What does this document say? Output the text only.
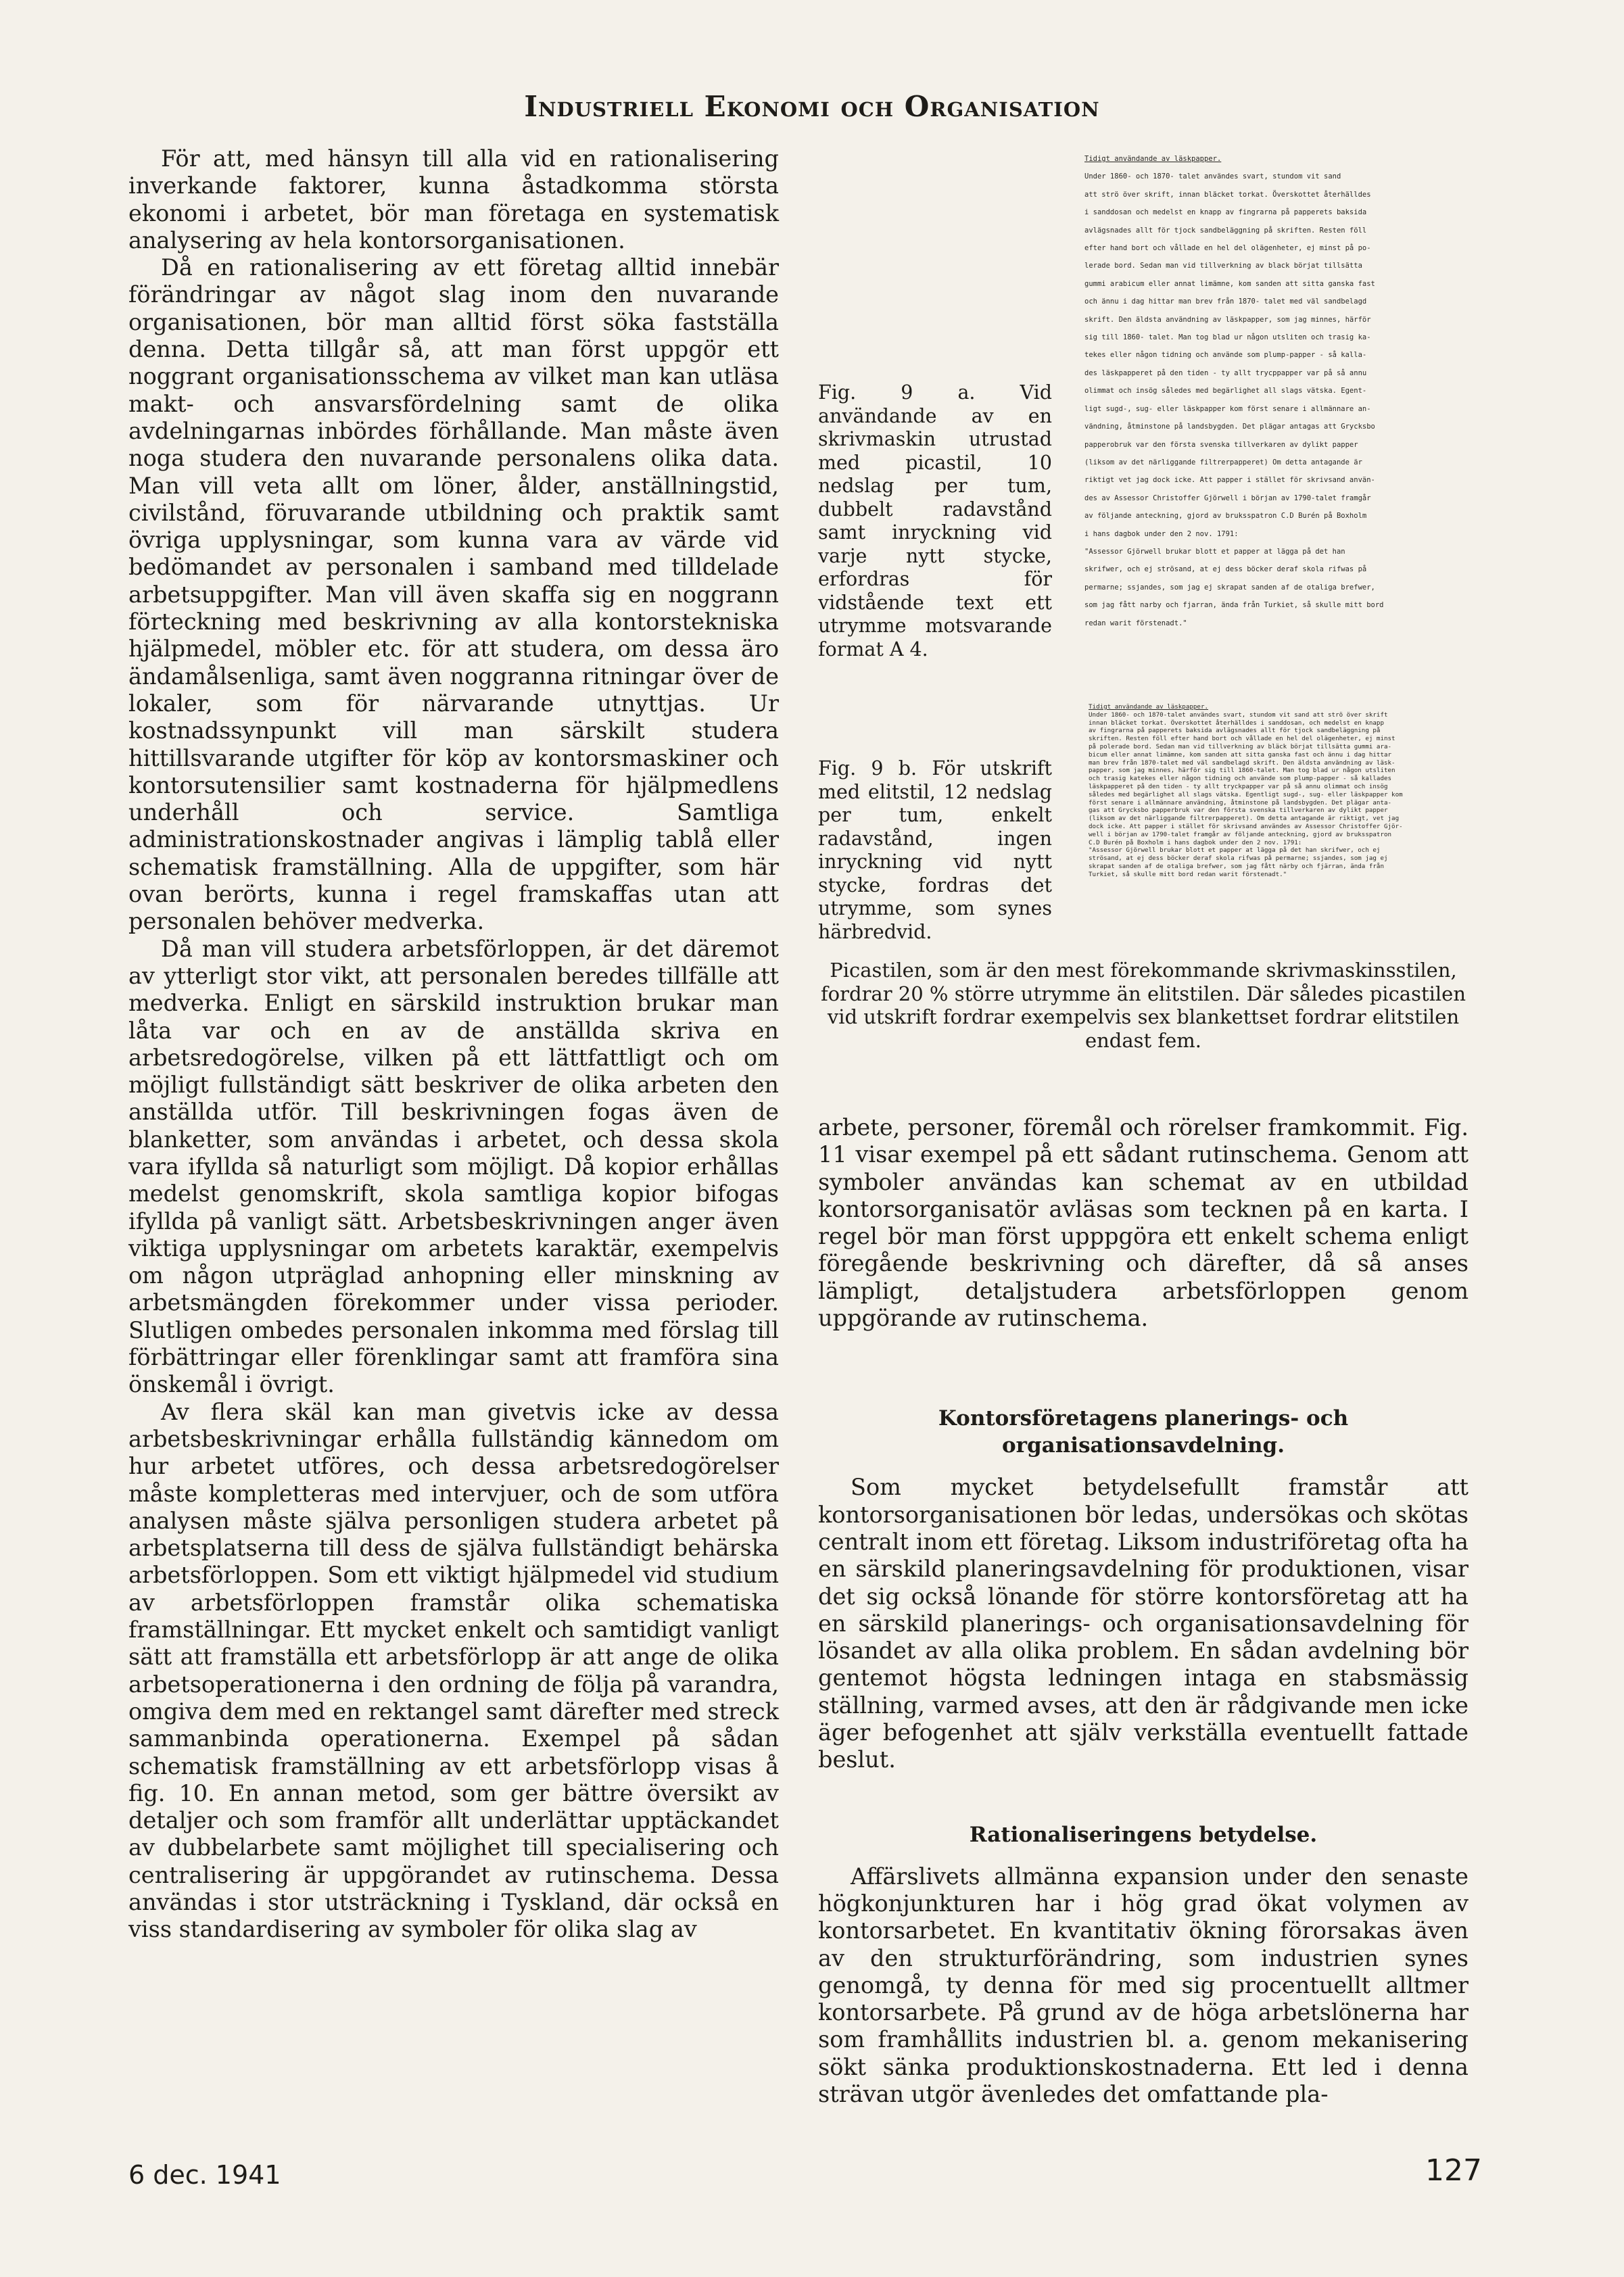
Industriell Ekonomi och Organisation

För att, med hänsyn till alla vid en rationalisering inverkande faktorer, kunna åstadkomma största ekonomi i arbetet, bör man företaga en systematisk analysering av hela kontorsorganisationen.

Då en rationalisering av ett företag alltid innebär förändringar av något slag inom den nuvarande organisationen, bör man alltid först söka fastställa denna. Detta tillgår så, att man först uppgör ett noggrant organisationsschema av vilket man kan utläsa makt- och ansvarsfördelning samt de olika avdelningarnas inbördes förhållande. Man måste även noga studera den nuvarande personalens olika data. Man vill veta allt om löner, ålder, anställningstid, civilstånd, föruvarande utbildning och praktik samt övriga upplysningar, som kunna vara av värde vid bedömandet av personalen i samband med tilldelade arbetsuppgifter. Man vill även skaffa sig en noggrann förteckning med beskrivning av alla kontorstekniska hjälpmedel, möbler etc. för att studera, om dessa äro ändamålsenliga, samt även noggranna ritningar över de lokaler, som för närvarande utnyttjas. Ur kostnadssynpunkt vill man särskilt studera hittillsvarande utgifter för köp av kontorsmaskiner och kontorsutensilier samt kostnaderna för hjälpmedlens underhåll och service. Samtliga administrationskostnader angivas i lämplig tablå eller schematisk framställning. Alla de uppgifter, som här ovan berörts, kunna i regel framskaffas utan att personalen behöver medverka.

Då man vill studera arbetsförloppen, är det däremot av ytterligt stor vikt, att personalen beredes tillfälle att medverka. Enligt en särskild instruktion brukar man låta var och en av de anställda skriva en arbetsredogörelse, vilken på ett lättfattligt och om möjligt fullständigt sätt beskriver de olika arbeten den anställda utför. Till beskrivningen fogas även de blanketter, som användas i arbetet, och dessa skola vara ifyllda så naturligt som möjligt. Då kopior erhållas medelst genomskrift, skola samtliga kopior bifogas ifyllda på vanligt sätt. Arbetsbeskrivningen anger även viktiga upplysningar om arbetets karaktär, exempelvis om någon utpräglad anhopning eller minskning av arbetsmängden förekommer under vissa perioder. Slutligen ombedes personalen inkomma med förslag till förbättringar eller förenklingar samt att framföra sina önskemål i övrigt.

Av flera skäl kan man givetvis icke av dessa arbetsbeskrivningar erhålla fullständig kännedom om hur arbetet utföres, och dessa arbetsredogörelser måste kompletteras med intervjuer, och de som utföra analysen måste själva personligen studera arbetet på arbetsplatserna till dess de själva fullständigt behärska arbetsförloppen. Som ett viktigt hjälpmedel vid studium av arbetsförloppen framstår olika schematiska framställningar. Ett mycket enkelt och samtidigt vanligt sätt att framställa ett arbetsförlopp är att ange de olika arbetsoperationerna i den ordning de följa på varandra, omgiva dem med en rektangel samt därefter med streck sammanbinda operationerna. Exempel på sådan schematisk framställning av ett arbetsförlopp visas å fig. 10. En annan metod, som ger bättre översikt av detaljer och som framför allt underlättar upptäckandet av dubbelarbete samt möjlighet till specialisering och centralisering är uppgörandet av rutinschema. Dessa användas i stor utsträckning i Tyskland, där också en viss standardisering av symboler för olika slag av

Fig. 9 a. Vid användande av en skrivmaskin utrustad med picastil, 10 nedslag per tum, dubbelt radavstånd samt inryckning vid varje nytt stycke, erfordras för vidstående text ett utrymme motsvarande format A 4.
Tidigt användande av läskpapper.
Under 1860- och 1870- talet användes svart, stundom vit sand
att strö över skrift, innan bläcket torkat. Överskottet återhälldes
i sanddosan och medelst en knapp av fingrarna på papperets baksida
avlägsnades allt för tjock sandbeläggning på skriften. Resten föll
efter hand bort och vållade en hel del olägenheter, ej minst på po-
lerade bord. Sedan man vid tillverkning av black börjat tillsätta
gummi arabicum eller annat limämne, kom sanden att sitta ganska fast
och ännu i dag hittar man brev från 1870- talet med väl sandbelagd
skrift. Den äldsta användning av läskpapper, som jag minnes, härför
sig till 1860- talet. Man tog blad ur någon utsliten och trasig ka-
tekes eller någon tidning och använde som plump-papper - så kalla-
des läskpapperet på den tiden - ty allt trycppapper var på så annu
olimmat och insög således med begärlighet all slags vätska. Egent-
ligt sugd-, sug- eller läskpapper kom först senare i allmännare an-
vändning, åtminstone på landsbygden. Det plägar antagas att Grycksbo
papperobruk var den första svenska tillverkaren av dylikt papper
(liksom av det närliggande filtrerpapperet) Om detta antagande är
riktigt vet jag dock icke. Att papper i stället för skrivsand använ-
des av Assessor Christoffer Gjörwell i början av 1790-talet framgår
av följande anteckning, gjord av bruksspatron C.D Burén på Boxholm
i hans dagbok under den 2 nov. 1791:
"Assessor Gjörwell brukar blott et papper at lägga på det han
skrifwer, och ej strösand, at ej dess böcker deraf skola rifwas på
permarne; ssjandes, som jag ej skrapat sanden af de otaliga brefwer,
som jag fått narby och fjarran, ända från Turkiet, så skulle mitt bord
redan warit förstenadt."
Fig. 9 b. För utskrift med elitstil, 12 nedslag per tum, enkelt radavstånd, ingen inryckning vid nytt stycke, fordras det utrymme, som synes härbredvid.
Tidigt användande av läskpapper.
Under 1860- och 1870-talet användes svart, stundom vit sand att strö över skrift
innan bläcket torkat. Överskottet återhälldes i sanddosan, och medelst en knapp
av fingrarna på papperets baksida avlägsnades allt för tjock sandbeläggning på
skriften. Resten föll efter hand bort och vållade en hel del olägenheter, ej minst
på polerade bord. Sedan man vid tillverkning av bläck börjat tillsätta gummi ara-
bicum eller annat limämne, kom sanden att sitta ganska fast och ännu i dag hittar
man brev från 1870-talet med väl sandbelagd skrift. Den äldsta användning av läsk-
papper, som jag minnes, härför sig till 1860-talet. Man tog blad ur någon utsliten
och trasig katekes eller någon tidning och använde som plump-papper - så kallades
läskpapperet på den tiden - ty allt tryckpapper var på så annu olimmat och insög
således med begärlighet all slags vätska. Egentligt sugd-, sug- eller läskpapper kom
först senare i allmännare användning, åtminstone på landsbygden. Det plägar anta-
gas att Grycksbo papperbruk var den första svenska tillverkaren av dylikt papper
(liksom av det närliggande filtrerpapperet). Om detta antagande är riktigt, vet jag
dock icke. Att papper i stället för skrivsand användes av Assessor Christoffer Gjör-
well i början av 1790-talet framgår av följande anteckning, gjord av bruksspatron
C.D Burén på Boxholm i hans dagbok under den 2 nov. 1791:
"Assessor Gjörwell brukar blott et papper at lägga på det han skrifwer, och ej
strösand, at ej dess böcker deraf skola rifwas på permarne; ssjandes, som jag ej
skrapat sanden af de otaliga brefwer, som jag fått närby och fjärran, ända från
Turkiet, så skulle mitt bord redan warit förstenadt."
Picastilen, som är den mest förekommande skrivmaskinsstilen, fordrar 20 % större utrymme än elitstilen. Där således picastilen vid utskrift fordrar exempelvis sex blankettset fordrar elitstilen endast fem.

arbete, personer, föremål och rörelser framkommit. Fig. 11 visar exempel på ett sådant rutinschema. Genom att symboler användas kan schemat av en utbildad kontorsorganisatör avläsas som tecknen på en karta. I regel bör man först upppgöra ett enkelt schema enligt föregående beskrivning och därefter, då så anses lämpligt, detaljstudera arbetsförloppen genom uppgörande av rutinschema.

Kontorsföretagens planerings- och organisationsavdelning.

Som mycket betydelsefullt framstår att kontorsorganisationen bör ledas, undersökas och skötas centralt inom ett företag. Liksom industriföretag ofta ha en särskild planeringsavdelning för produktionen, visar det sig också lönande för större kontorsföretag att ha en särskild planerings- och organisationsavdelning för lösandet av alla olika problem. En sådan avdelning bör gentemot högsta ledningen intaga en stabsmässig ställning, varmed avses, att den är rådgivande men icke äger befogenhet att själv verkställa eventuellt fattade beslut.

Rationaliseringens betydelse.

Affärslivets allmänna expansion under den senaste högkonjunkturen har i hög grad ökat volymen av kontorsarbetet. En kvantitativ ökning förorsakas även av den strukturförändring, som industrien synes genomgå, ty denna för med sig procentuellt alltmer kontorsarbete. På grund av de höga arbetslönerna har som framhållits industrien bl. a. genom mekanisering sökt sänka produktionskostnaderna. Ett led i denna strävan utgör ävenledes det omfattande pla-

6 dec. 1941	127
